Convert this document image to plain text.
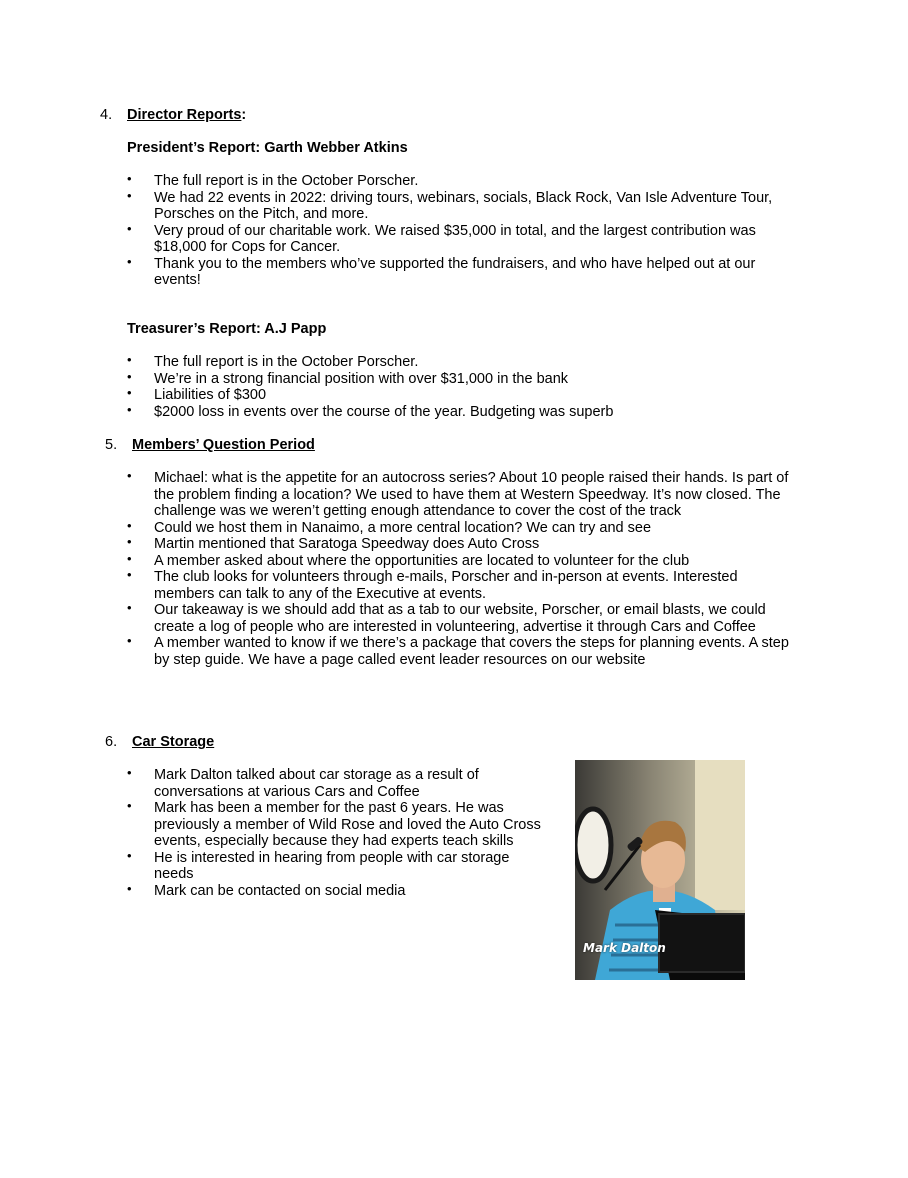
4. Director Reports:
President’s Report: Garth Webber Atkins
• The full report is in the October Porscher.
• We had 22 events in 2022: driving tours, webinars, socials, Black Rock, Van Isle Adventure Tour, Porsches on the Pitch, and more.
• Very proud of our charitable work. We raised $35,000 in total, and the largest contribution was $18,000 for Cops for Cancer.
• Thank you to the members who’ve supported the fundraisers, and who have helped out at our events!
Treasurer’s Report: A.J Papp
• The full report is in the October Porscher.
• We’re in a strong financial position with over $31,000 in the bank
• Liabilities of $300
• $2000 loss in events over the course of the year. Budgeting was superb
5. Members’ Question Period
• Michael: what is the appetite for an autocross series? About 10 people raised their hands. Is part of the problem finding a location? We used to have them at Western Speedway. It’s now closed. The challenge was we weren’t getting enough attendance to cover the cost of the track
• Could we host them in Nanaimo, a more central location? We can try and see
• Martin mentioned that Saratoga Speedway does Auto Cross
• A member asked about where the opportunities are located to volunteer for the club
• The club looks for volunteers through e-mails, Porscher and in-person at events. Interested members can talk to any of the Executive at events.
• Our takeaway is we should add that as a tab to our website, Porscher, or email blasts, we could create a log of people who are interested in volunteering, advertise it through Cars and Coffee
• A member wanted to know if we there’s a package that covers the steps for planning events. A step by step guide. We have a page called event leader resources on our website
6. Car Storage
• Mark Dalton talked about car storage as a result of conversations at various Cars and Coffee
• Mark has been a member for the past 6 years. He was previously a member of Wild Rose and loved the Auto Cross events, especially because they had experts teach skills
• He is interested in hearing from people with car storage needs
• Mark can be contacted on social media
Mark Dalton
